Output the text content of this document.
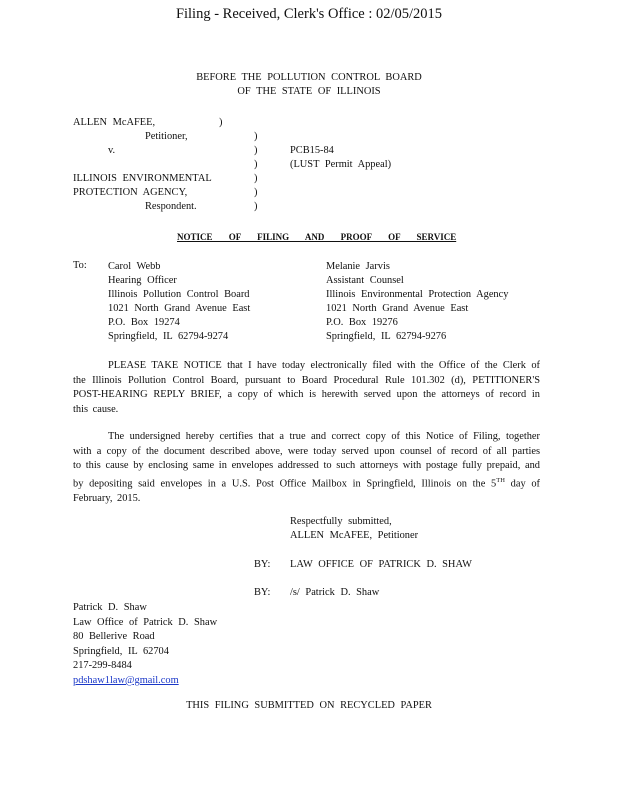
Filing - Received, Clerk's Office : 02/05/2015
BEFORE THE POLLUTION CONTROL BOARD
OF THE STATE OF ILLINOIS
ALLEN McAFEE,	)
Petitioner,	)
v.	)	PCB15-84
)	(LUST Permit Appeal)
ILLINOIS ENVIRONMENTAL	)
PROTECTION AGENCY,	)
Respondent.	)
NOTICE OF FILING AND PROOF OF SERVICE
To: Carol Webb
Hearing Officer
Illinois Pollution Control Board
1021 North Grand Avenue East
P.O. Box 19274
Springfield, IL 62794-9274
Melanie Jarvis
Assistant Counsel
Illinois Environmental Protection Agency
1021 North Grand Avenue East
P.O. Box 19276
Springfield, IL 62794-9276

PLEASE TAKE NOTICE that I have today electronically filed with the Office of the Clerk of the Illinois Pollution Control Board, pursuant to Board Procedural Rule 101.302 (d), PETITIONER'S POST-HEARING REPLY BRIEF, a copy of which is herewith served upon the attorneys of record in this cause.

The undersigned hereby certifies that a true and correct copy of this Notice of Filing, together with a copy of the document described above, were today served upon counsel of record of all parties to this cause by enclosing same in envelopes addressed to such attorneys with postage fully prepaid, and by depositing said envelopes in a U.S. Post Office Mailbox in Springfield, Illinois on the 5TH day of February, 2015.

Respectfully submitted,
ALLEN McAFEE, Petitioner
BY: LAW OFFICE OF PATRICK D. SHAW
BY: /s/ Patrick D. Shaw
Patrick D. Shaw
Law Office of Patrick D. Shaw
80 Bellerive Road
Springfield, IL 62704
217-299-8484
pdshaw1law@gmail.com
THIS FILING SUBMITTED ON RECYCLED PAPER
